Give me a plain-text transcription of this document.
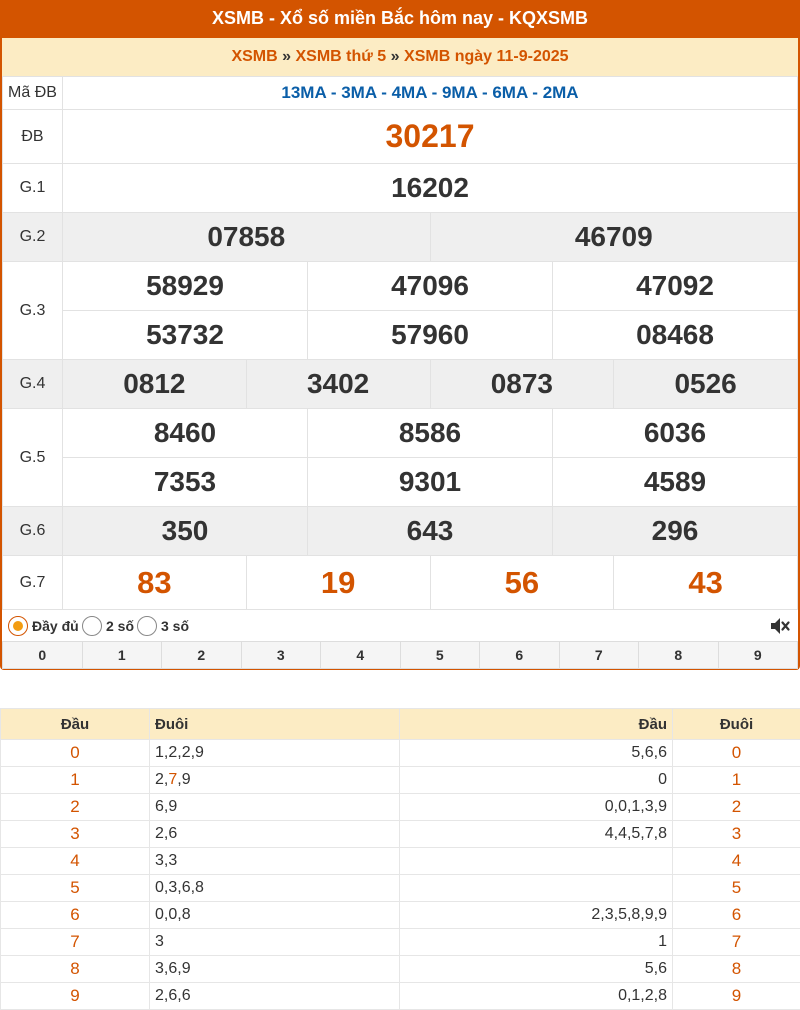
XSMB - Xổ số miền Bắc hôm nay - KQXSMB
XSMB » XSMB thứ 5 » XSMB ngày 11-9-2025
Mã ĐB	13MA - 3MA - 4MA - 9MA - 6MA - 2MA					
ĐB	30217					
G.1	16202					
G.2	07858			46709		
G.3	58929		47096		47092	
	53732		57960		08468	
G.4	0812	3402		0873		0526
G.5	8460		8586		6036	
	7353		9301		4589	
G.6	350		643		296	
G.7	83	19		56		43
Đầy đủ 2 số 3 số
0	1	2	3	4	5	6	7	8	9
Đầu	Đuôi	Đầu	Đuôi
0	1,2,2,9	5,6,6	0
1	2,7,9	0	1
2	6,9	0,0,1,3,9	2
3	2,6	4,4,5,7,8	3
4	3,3		4
5	0,3,6,8		5
6	0,0,8	2,3,5,8,9,9	6
7	3	1	7
8	3,6,9	5,6	8
9	2,6,6	0,1,2,8	9
